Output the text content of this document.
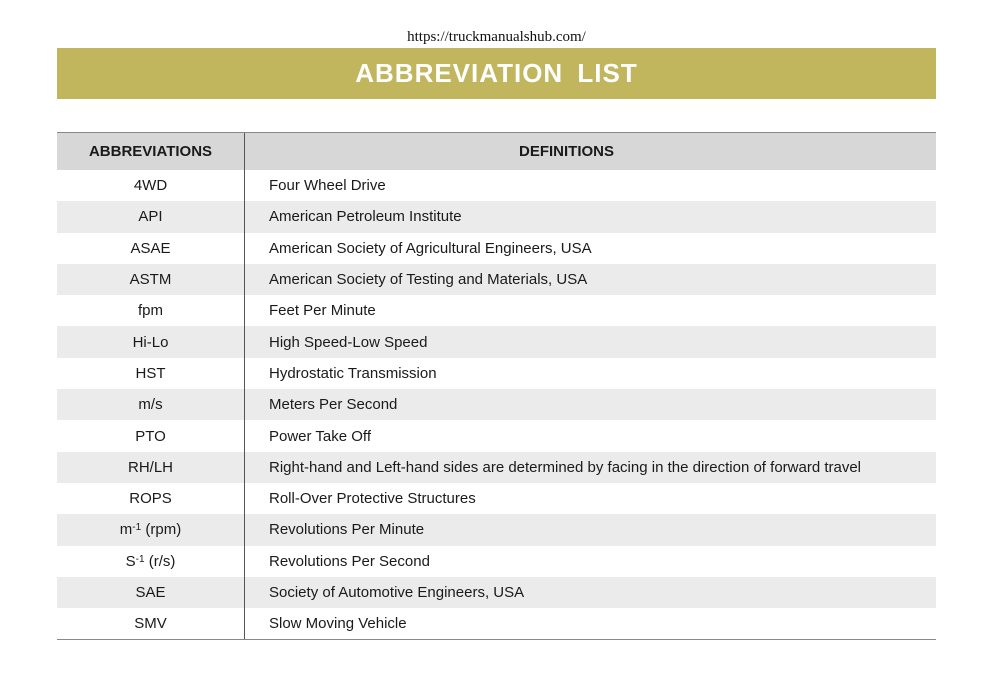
https://truckmanualshub.com/
ABBREVIATION LIST
ABBREVIATIONS	DEFINITIONS
4WD	Four Wheel Drive
API	American Petroleum Institute
ASAE	American Society of Agricultural Engineers, USA
ASTM	American Society of Testing and Materials, USA
fpm	Feet Per Minute
Hi-Lo	High Speed-Low Speed
HST	Hydrostatic Transmission
m/s	Meters Per Second
PTO	Power Take Off
RH/LH	Right-hand and Left-hand sides are determined by facing in the direction of forward travel
ROPS	Roll-Over Protective Structures
$m^{-1}$ (rpm)	Revolutions Per Minute
$S^{-1}$ (r/s)	Revolutions Per Second
SAE	Society of Automotive Engineers, USA
SMV	Slow Moving Vehicle
